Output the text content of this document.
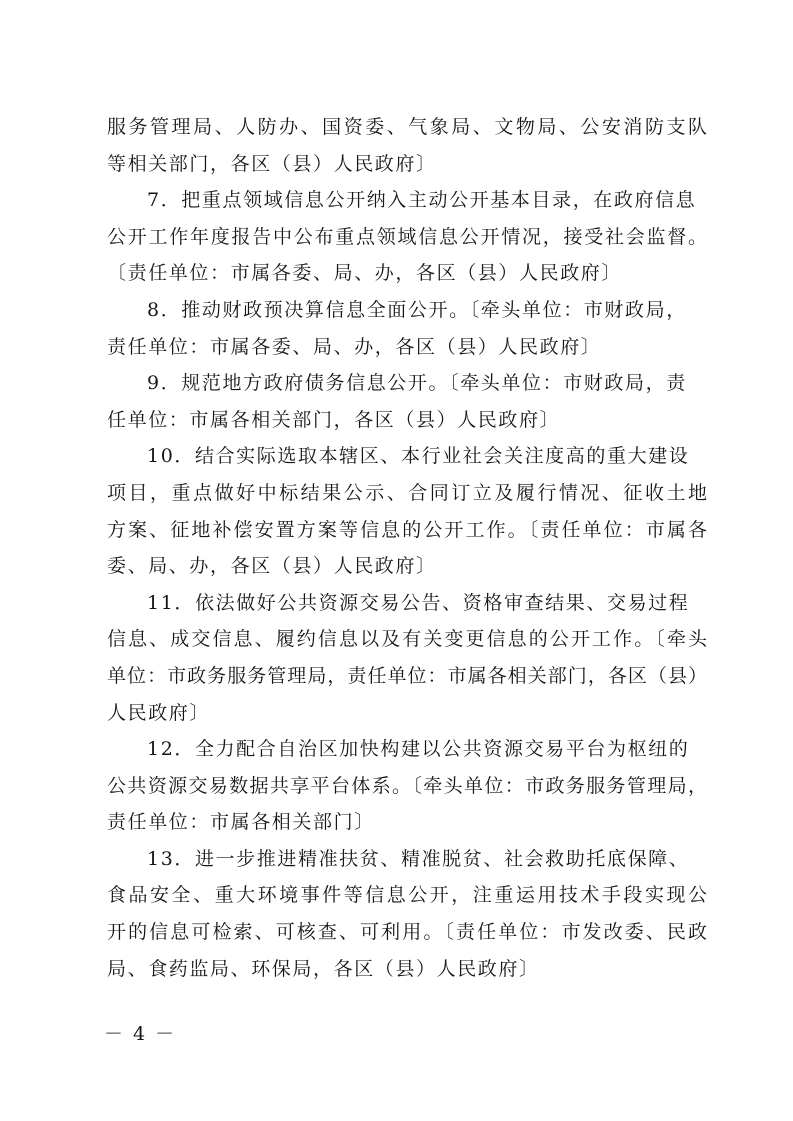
服务管理局、人防办、国资委、气象局、文物局、公安消防支队
等相关部门，各区（县）人民政府〕
7．把重点领域信息公开纳入主动公开基本目录，在政府信息
公开工作年度报告中公布重点领域信息公开情况，接受社会监督。
〔责任单位：市属各委、局、办，各区（县）人民政府〕
8．推动财政预决算信息全面公开。〔牵头单位：市财政局，
责任单位：市属各委、局、办，各区（县）人民政府〕
9．规范地方政府债务信息公开。〔牵头单位：市财政局，责
任单位：市属各相关部门，各区（县）人民政府〕
10．结合实际选取本辖区、本行业社会关注度高的重大建设
项目，重点做好中标结果公示、合同订立及履行情况、征收土地
方案、征地补偿安置方案等信息的公开工作。〔责任单位：市属各
委、局、办，各区（县）人民政府〕
11．依法做好公共资源交易公告、资格审查结果、交易过程
信息、成交信息、履约信息以及有关变更信息的公开工作。〔牵头
单位：市政务服务管理局，责任单位：市属各相关部门，各区（县）
人民政府〕
12．全力配合自治区加快构建以公共资源交易平台为枢纽的
公共资源交易数据共享平台体系。〔牵头单位：市政务服务管理局，
责任单位：市属各相关部门〕
13．进一步推进精准扶贫、精准脱贫、社会救助托底保障、
食品安全、重大环境事件等信息公开，注重运用技术手段实现公
开的信息可检索、可核查、可利用。〔责任单位：市发改委、民政
局、食药监局、环保局，各区（县）人民政府〕
－ 4 －
